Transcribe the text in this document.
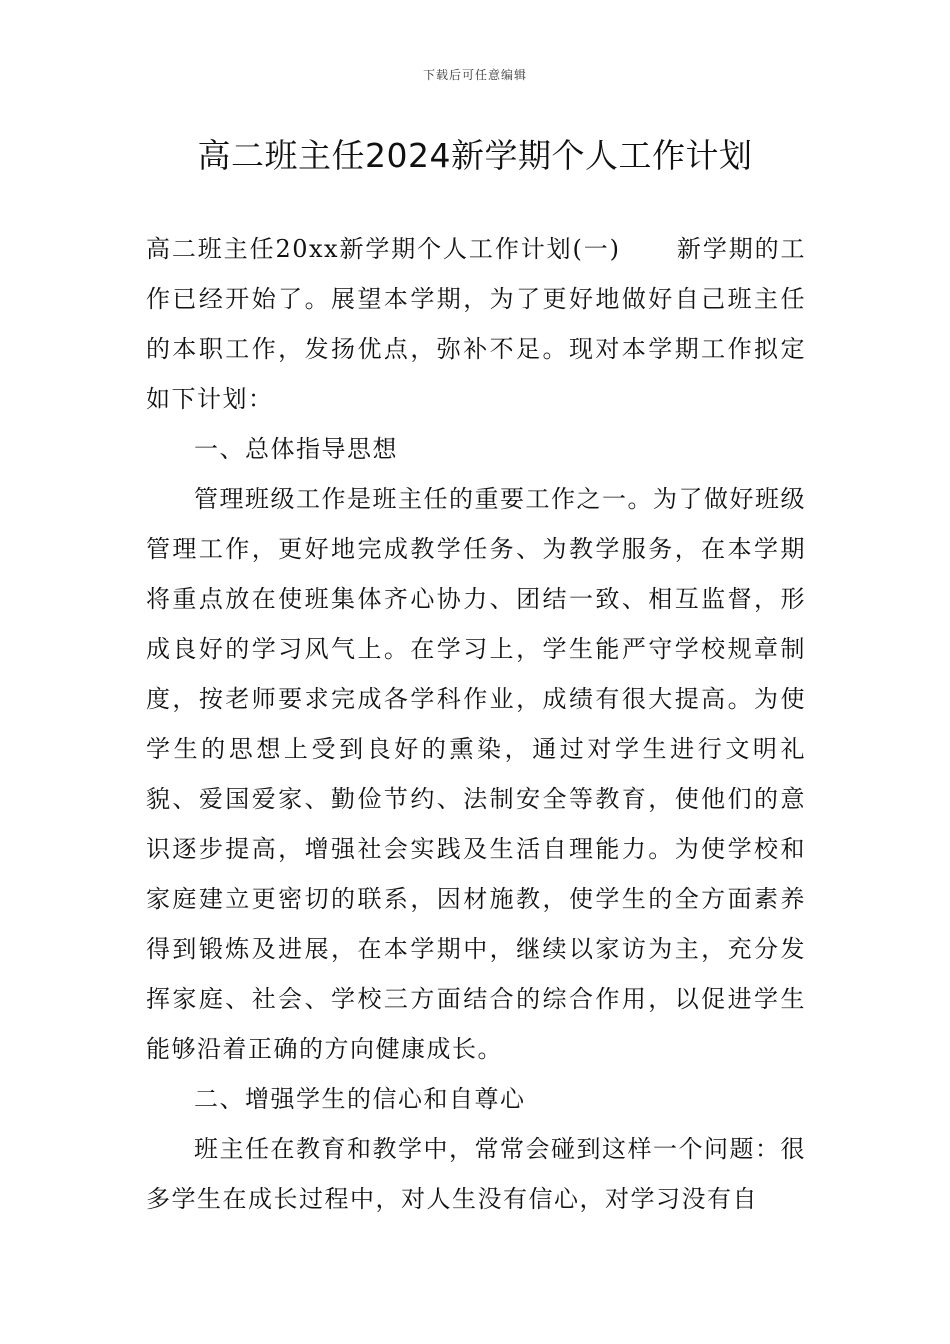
下载后可任意编辑
高二班主任2024新学期个人工作计划

高二班主任20xx新学期个人工作计划(一) 新学期的工作已经开始了。展望本学期，为了更好地做好自己班主任的本职工作，发扬优点，弥补不足。现对本学期工作拟定如下计划：

一、总体指导思想

管理班级工作是班主任的重要工作之一。为了做好班级管理工作，更好地完成教学任务、为教学服务，在本学期将重点放在使班集体齐心协力、团结一致、相互监督，形成良好的学习风气上。在学习上，学生能严守学校规章制度，按老师要求完成各学科作业，成绩有很大提高。为使学生的思想上受到良好的熏染，通过对学生进行文明礼貌、爱国爱家、勤俭节约、法制安全等教育，使他们的意识逐步提高，增强社会实践及生活自理能力。为使学校和家庭建立更密切的联系，因材施教，使学生的全方面素养得到锻炼及进展，在本学期中，继续以家访为主，充分发挥家庭、社会、学校三方面结合的综合作用，以促进学生能够沿着正确的方向健康成长。

二、增强学生的信心和自尊心

班主任在教育和教学中，常常会碰到这样一个问题：很多学生在成长过程中，对人生没有信心，对学习没有自
